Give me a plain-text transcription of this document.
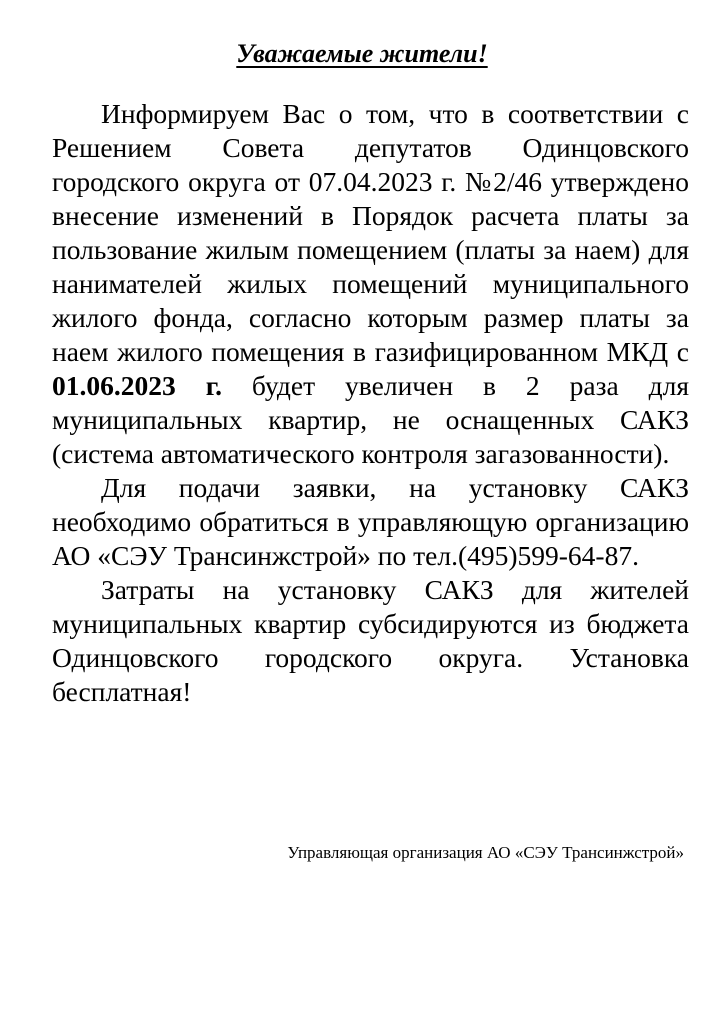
Уважаемые жители!

Информируем Вас о том, что в соответствии с Решением Совета депутатов Одинцовского городского округа от 07.04.2023 г. №2/46 утверждено внесение изменений в Порядок расчета платы за пользование жилым помещением (платы за наем) для нанимателей жилых помещений муниципального жилого фонда, согласно которым размер платы за наем жилого помещения в газифицированном МКД с 01.06.2023 г. будет увеличен в 2 раза для муниципальных квартир, не оснащенных САКЗ (система автоматического контроля загазованности).

Для подачи заявки, на установку САКЗ необходимо обратиться в управляющую организацию АО «СЭУ Трансинжстрой» по тел.(495)599-64-87.

Затраты на установку САКЗ для жителей муниципальных квартир субсидируются из бюджета Одинцовского городского округа. Установка бесплатная!

Управляющая организация АО «СЭУ Трансинжстрой»
